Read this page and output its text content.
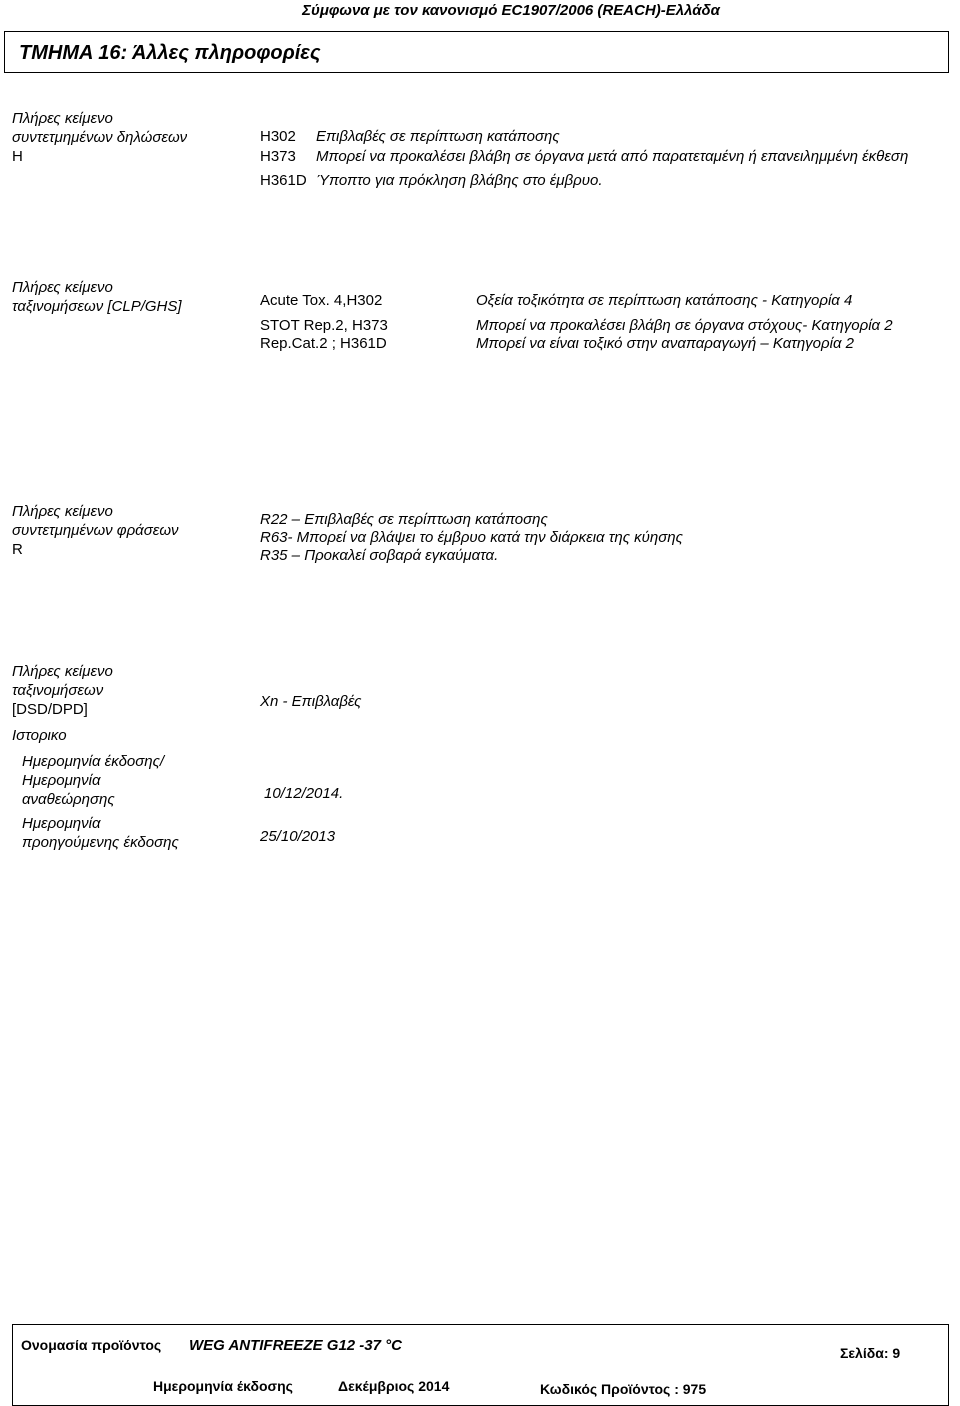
Σύμφωνα με τον κανονισμό EC1907/2006 (REACH)-Ελλάδα
ΤΜΗΜΑ 16: Άλλες πληροφορίες
Πλήρες κείμενο
συντετμημένων δηλώσεων
H
H302 Επιβλαβές σε περίπτωση κατάποσης
H373 Μπορεί να προκαλέσει βλάβη σε όργανα μετά από παρατεταμένη ή επανειλημμένη έκθεση
H361D Ύποπτο για πρόκληση βλάβης στο έμβρυο.
Πλήρες κείμενο
ταξινομήσεων [CLP/GHS]	Acute Tox. 4,H302	Οξεία τοξικότητα σε περίπτωση κατάποσης - Κατηγορία 4
STOT Rep.2, H373	Μπορεί να προκαλέσει βλάβη σε όργανα στόχους- Κατηγορία 2
Rep.Cat.2 ; H361D	Μπορεί να είναι τοξικό στην αναπαραγωγή – Κατηγορία 2
Πλήρες κείμενο
συντετμημένων φράσεων
R
R22 – Επιβλαβές σε περίπτωση κατάποσης
R63- Μπορεί να βλάψει το έμβρυο κατά την διάρκεια της κύησης
R35 – Προκαλεί σοβαρά εγκαύματα.
Πλήρες κείμενο
ταξινομήσεων
[DSD/DPD]	Xn - Επιβλαβές
Ιστορικο
Ημερομηνία έκδοσης/
Ημερομηνία
αναθεώρησης	10/12/2014.
Ημερομηνία
προηγούμενης έκδοσης	25/10/2013
Ονομασία προϊόντος WEG ANTIFREEZE G12 -37 °C	Σελίδα: 9
Ημερομηνία έκδοσης	Δεκέμβριος 2014	Κωδικός Προϊόντος : 975
